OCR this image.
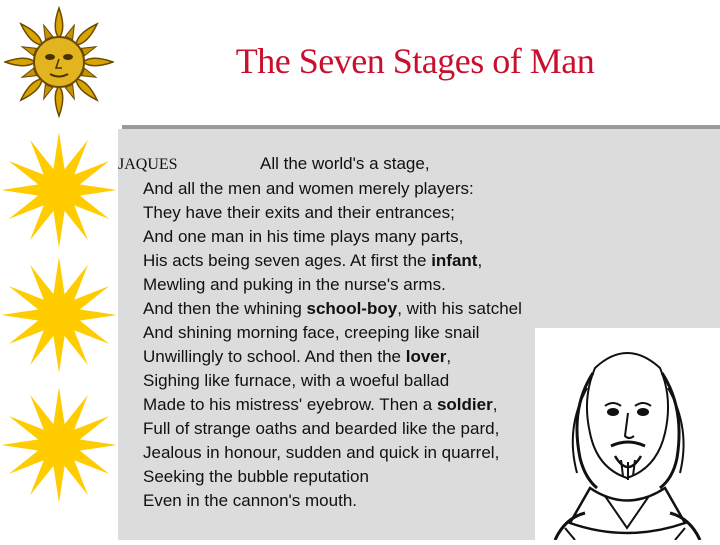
The Seven Stages of Man
JAQUES	All the world's a stage,
And all the men and women merely players:
They have their exits and their entrances;
And one man in his time plays many parts,
His acts being seven ages. At first the infant,
Mewling and puking in the nurse's arms.
And then the whining school-boy, with his satchel
And shining morning face, creeping like snail
Unwillingly to school. And then the lover,
Sighing like furnace, with a woeful ballad
Made to his mistress' eyebrow. Then a soldier,
Full of strange oaths and bearded like the pard,
Jealous in honour, sudden and quick in quarrel,
Seeking the bubble reputation
Even in the cannon's mouth.
